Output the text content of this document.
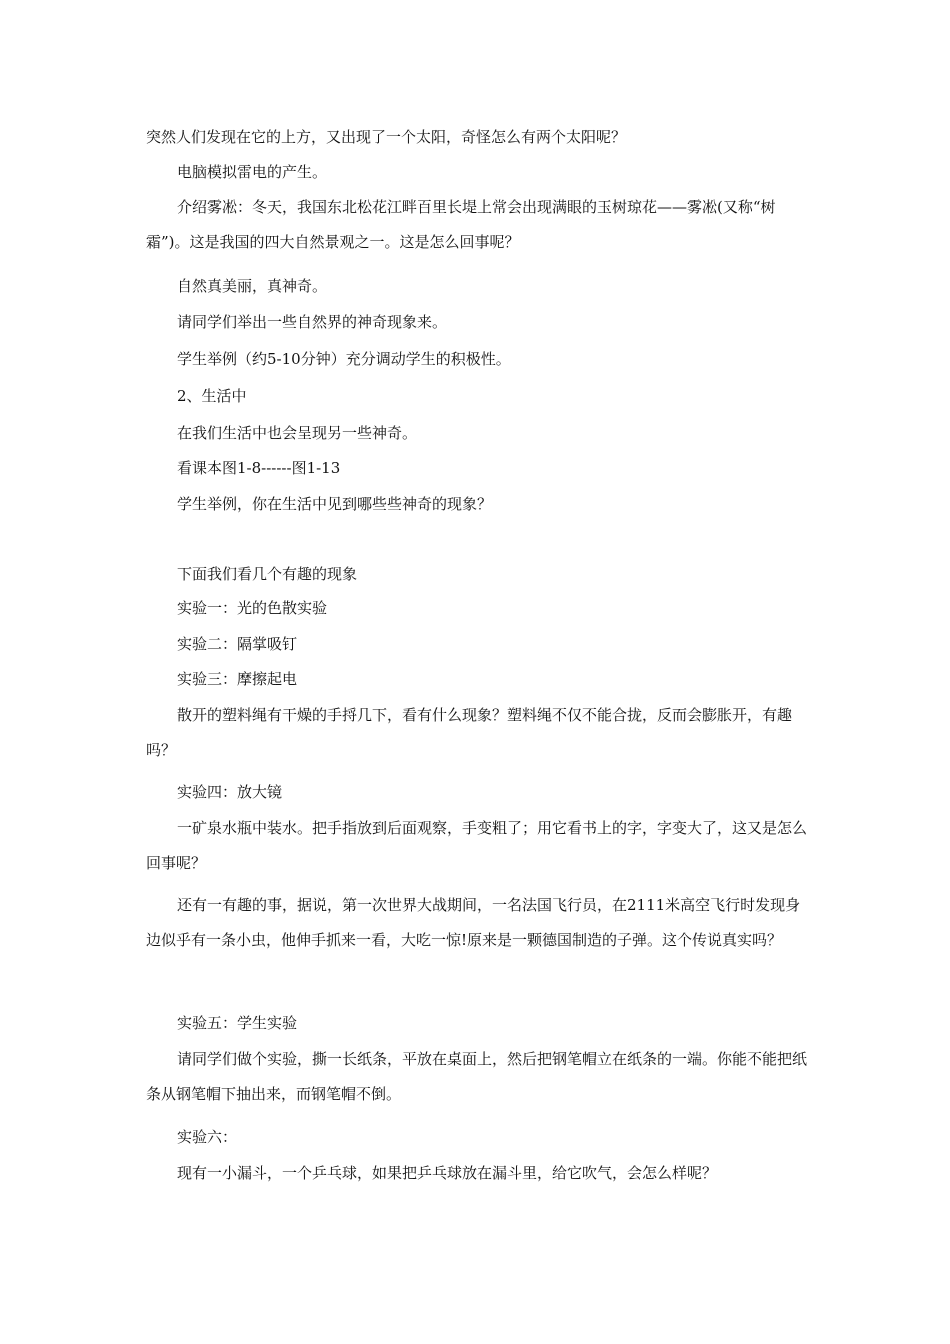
突然人们发现在它的上方，又出现了一个太阳，奇怪怎么有两个太阳呢？

电脑模拟雷电的产生。

介绍雾凇：冬天，我国东北松花江畔百里长堤上常会出现满眼的玉树琼花——雾凇(又称“树霜”)。这是我国的四大自然景观之一。这是怎么回事呢？

自然真美丽，真神奇。

请同学们举出一些自然界的神奇现象来。

学生举例（约5-10分钟）充分调动学生的积极性。

2、生活中

在我们生活中也会呈现另一些神奇。

看课本图1-8------图1-13

学生举例，你在生活中见到哪些些神奇的现象？

下面我们看几个有趣的现象

实验一：光的色散实验

实验二：隔掌吸钉

实验三：摩擦起电

散开的塑料绳有干燥的手捋几下，看有什么现象？塑料绳不仅不能合拢，反而会膨胀开，有趣吗？

实验四：放大镜

一矿泉水瓶中装水。把手指放到后面观察，手变粗了；用它看书上的字，字变大了，这又是怎么回事呢？

还有一有趣的事，据说，第一次世界大战期间，一名法国飞行员，在2111米高空飞行时发现身边似乎有一条小虫，他伸手抓来一看，大吃一惊!原来是一颗德国制造的子弹。这个传说真实吗？

实验五：学生实验

请同学们做个实验，撕一长纸条，平放在桌面上，然后把钢笔帽立在纸条的一端。你能不能把纸条从钢笔帽下抽出来，而钢笔帽不倒。

实验六：

现有一小漏斗，一个乒乓球，如果把乒乓球放在漏斗里，给它吹气，会怎么样呢？
